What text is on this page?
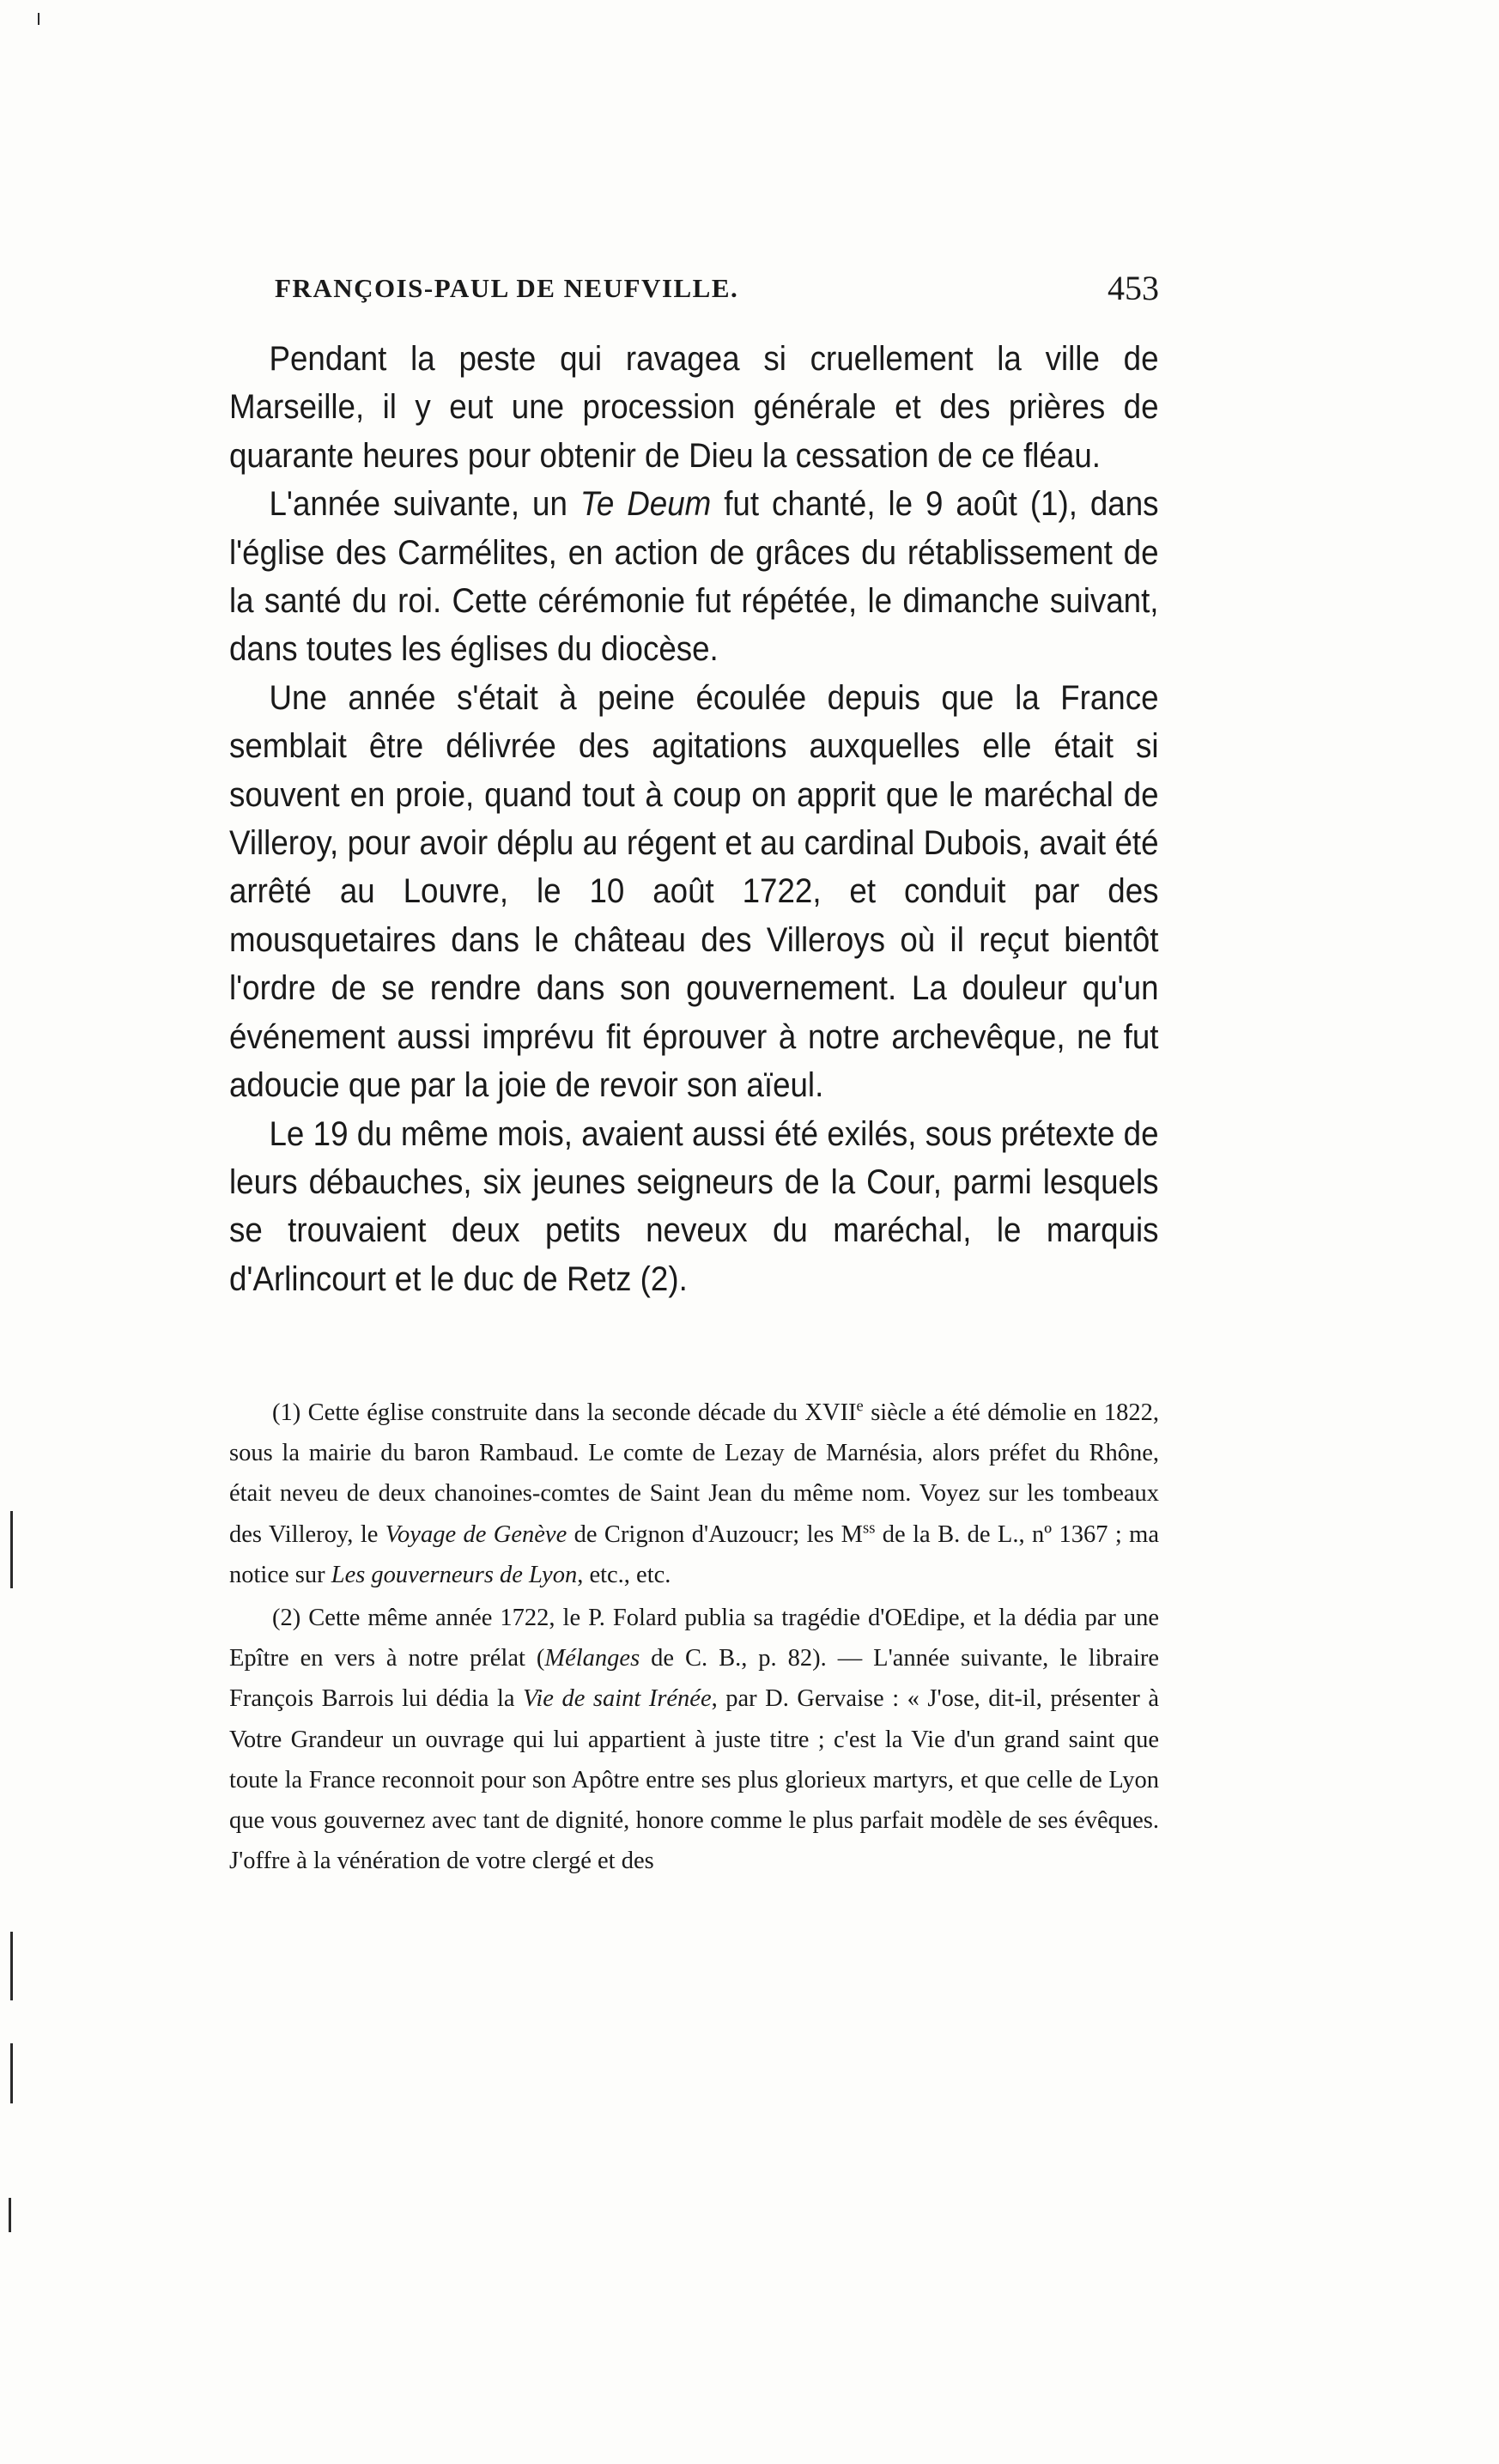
FRANÇOIS-PAUL DE NEUFVILLE.	453

Pendant la peste qui ravagea si cruellement la ville de Marseille, il y eut une procession générale et des prières de quarante heures pour obtenir de Dieu la cessation de ce fléau.

L'année suivante, un Te Deum fut chanté, le 9 août (1), dans l'église des Carmélites, en action de grâces du rétablissement de la santé du roi. Cette cérémonie fut répétée, le dimanche suivant, dans toutes les églises du diocèse.

Une année s'était à peine écoulée depuis que la France semblait être délivrée des agitations auxquelles elle était si souvent en proie, quand tout à coup on apprit que le maréchal de Villeroy, pour avoir déplu au régent et au cardinal Dubois, avait été arrêté au Louvre, le 10 août 1722, et conduit par des mousquetaires dans le château des Villeroys où il reçut bientôt l'ordre de se rendre dans son gouvernement. La douleur qu'un événement aussi imprévu fit éprouver à notre archevêque, ne fut adoucie que par la joie de revoir son aïeul.

Le 19 du même mois, avaient aussi été exilés, sous prétexte de leurs débauches, six jeunes seigneurs de la Cour, parmi lesquels se trouvaient deux petits neveux du maréchal, le marquis d'Arlincourt et le duc de Retz (2).

(1) Cette église construite dans la seconde décade du XVIIe siècle a été démolie en 1822, sous la mairie du baron Rambaud. Le comte de Lezay de Marnésia, alors préfet du Rhône, était neveu de deux chanoines-comtes de Saint Jean du même nom. Voyez sur les tombeaux des Villeroy, le Voyage de Genève de Crignon d'Auzoucr; les $M^{ss}$ de la B. de L., nº 1367 ; ma notice sur Les gouverneurs de Lyon, etc., etc.

(2) Cette même année 1722, le P. Folard publia sa tragédie d'OEdipe, et la dédia par une Epître en vers à notre prélat (Mélanges de C. B., p. 82). — L'année suivante, le libraire François Barrois lui dédia la Vie de saint Irénée, par D. Gervaise : « J'ose, dit-il, présenter à Votre Grandeur un ouvrage qui lui appartient à juste titre ; c'est la Vie d'un grand saint que toute la France reconnoit pour son Apôtre entre ses plus glorieux martyrs, et que celle de Lyon que vous gouvernez avec tant de dignité, honore comme le plus parfait modèle de ses évêques. J'offre à la vénération de votre clergé et des
